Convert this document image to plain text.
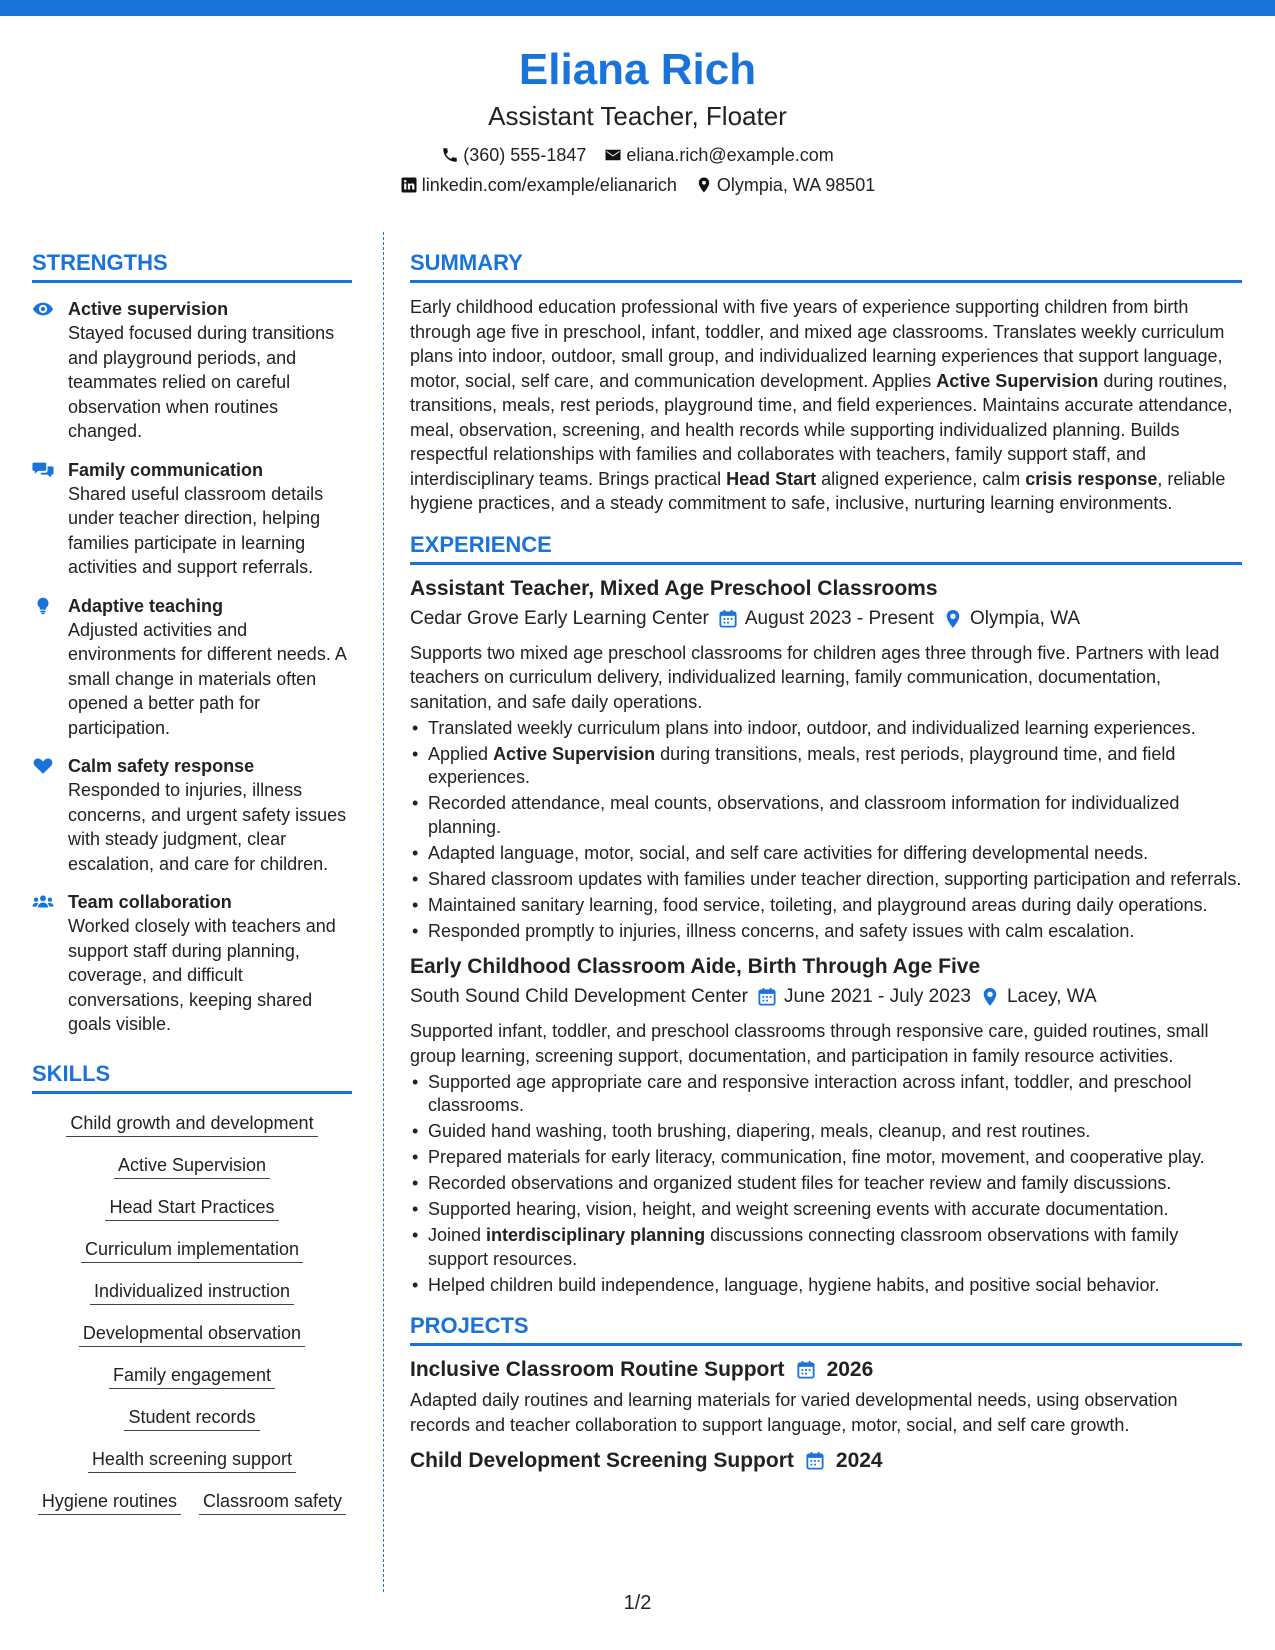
Eliana Rich
Assistant Teacher, Floater
(360) 555-1847 eliana.rich@example.com
linkedin.com/example/elianarich Olympia, WA 98501
STRENGTHS
Active supervision
Stayed focused during transitions and playground periods, and teammates relied on careful observation when routines changed.
Family communication
Shared useful classroom details under teacher direction, helping families participate in learning activities and support referrals.
Adaptive teaching
Adjusted activities and environments for different needs. A small change in materials often opened a better path for participation.
Calm safety response
Responded to injuries, illness concerns, and urgent safety issues with steady judgment, clear escalation, and care for children.
Team collaboration
Worked closely with teachers and support staff during planning, coverage, and difficult conversations, keeping shared goals visible.
SKILLS
Child growth and development
Active Supervision
Head Start Practices
Curriculum implementation
Individualized instruction
Developmental observation
Family engagement
Student records
Health screening support
Hygiene routines Classroom safety
SUMMARY
Early childhood education professional with five years of experience supporting children from birth through age five in preschool, infant, toddler, and mixed age classrooms. Translates weekly curriculum plans into indoor, outdoor, small group, and individualized learning experiences that support language, motor, social, self care, and communication development. Applies Active Supervision during routines, transitions, meals, rest periods, playground time, and field experiences. Maintains accurate attendance, meal, observation, screening, and health records while supporting individualized planning. Builds respectful relationships with families and collaborates with teachers, family support staff, and interdisciplinary teams. Brings practical Head Start aligned experience, calm crisis response, reliable hygiene practices, and a steady commitment to safe, inclusive, nurturing learning environments.
EXPERIENCE
Assistant Teacher, Mixed Age Preschool Classrooms
Cedar Grove Early Learning Center August 2023 - Present Olympia, WA
Supports two mixed age preschool classrooms for children ages three through five. Partners with lead teachers on curriculum delivery, individualized learning, family communication, documentation, sanitation, and safe daily operations.
• Translated weekly curriculum plans into indoor, outdoor, and individualized learning experiences.
• Applied Active Supervision during transitions, meals, rest periods, playground time, and field experiences.
• Recorded attendance, meal counts, observations, and classroom information for individualized planning.
• Adapted language, motor, social, and self care activities for differing developmental needs.
• Shared classroom updates with families under teacher direction, supporting participation and referrals.
• Maintained sanitary learning, food service, toileting, and playground areas during daily operations.
• Responded promptly to injuries, illness concerns, and safety issues with calm escalation.
Early Childhood Classroom Aide, Birth Through Age Five
South Sound Child Development Center June 2021 - July 2023 Lacey, WA
Supported infant, toddler, and preschool classrooms through responsive care, guided routines, small group learning, screening support, documentation, and participation in family resource activities.
• Supported age appropriate care and responsive interaction across infant, toddler, and preschool classrooms.
• Guided hand washing, tooth brushing, diapering, meals, cleanup, and rest routines.
• Prepared materials for early literacy, communication, fine motor, movement, and cooperative play.
• Recorded observations and organized student files for teacher review and family discussions.
• Supported hearing, vision, height, and weight screening events with accurate documentation.
• Joined interdisciplinary planning discussions connecting classroom observations with family support resources.
• Helped children build independence, language, hygiene habits, and positive social behavior.
PROJECTS
Inclusive Classroom Routine Support 2026
Adapted daily routines and learning materials for varied developmental needs, using observation records and teacher collaboration to support language, motor, social, and self care growth.
Child Development Screening Support 2024
1/2
